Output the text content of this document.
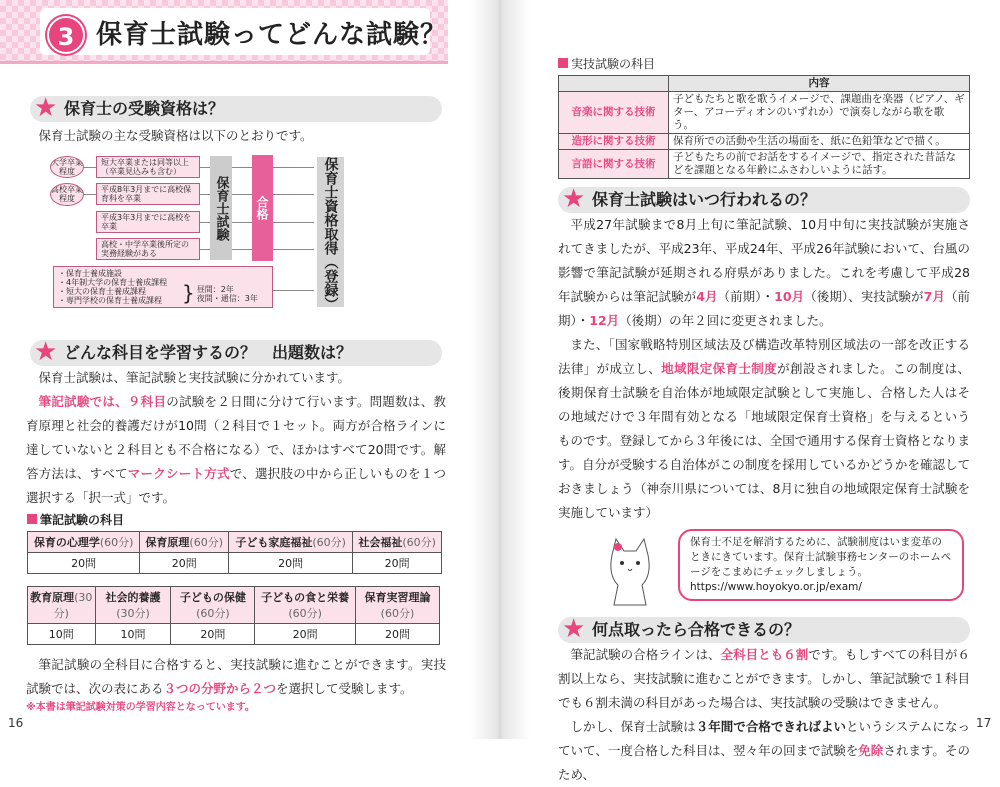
3 保育士試験ってどんな試験？
★ 保育士の受験資格は？
保育士試験の主な受験資格は以下のとおりです。
大学卒業程度
高校卒業程度
短大卒業または同等以上（卒業見込みも含む）
平成8年3月までに高校保育科を卒業
平成3年3月までに高校を卒業
高校・中学卒業後所定の実務経験がある
保育士試験 合格	保育士資格取得（登録）
・保育士養成施設
・4年制大学の保育士養成課程
・短大の保育士養成課程
・専門学校の保育士養成課程	} 昼間：2年
夜間・通信：3年
★ どんな科目を学習するの？　出題数は？
保育士試験は、筆記試験と実技試験に分かれています。
筆記試験では、９科目の試験を２日間に分けて行います。問題数は、教育原理と社会的養護だけが10問（２科目で１セット。両方が合格ラインに達していないと２科目とも不合格になる）で、ほかはすべて20問です。解答方法は、すべてマークシート方式で、選択肢の中から正しいものを１つ選択する「択一式」です。
筆記試験の科目
保育の心理学(60分)	保育原理(60分)	子ども家庭福祉(60分)	社会福祉(60分)
20問	20問	20問	20問
教育原理(30分)	社会的養護(30分)	子どもの保健(60分)	子どもの食と栄養(60分)	保育実習理論(60分)
10問	10問	20問	20問	20問
筆記試験の全科目に合格すると、実技試験に進むことができます。実技試験では、次の表にある３つの分野から２つを選択して受験します。
※本書は筆記試験対策の学習内容となっています。
16
実技試験の科目
	内容
音楽に関する技術	子どもたちと歌を歌うイメージで、課題曲を楽器（ピアノ、ギター、アコーディオンのいずれか）で演奏しながら歌を歌う。
造形に関する技術	保育所での活動や生活の場面を、紙に色鉛筆などで描く。
言語に関する技術	子どもたちの前でお話をするイメージで、指定された昔話などを課題となる年齢にふさわしいように話す。
★ 保育士試験はいつ行われるの？
平成27年試験まで8月上旬に筆記試験、10月中旬に実技試験が実施されてきましたが、平成23年、平成24年、平成26年試験において、台風の影響で筆記試験が延期される府県がありました。これを考慮して平成28年試験からは筆記試験が4月（前期）・10月（後期）、実技試験が7月（前期）・12月（後期）の年２回に変更されました。
また、「国家戦略特別区域法及び構造改革特別区域法の一部を改正する法律」が成立し、地域限定保育士制度が創設されました。この制度は、後期保育士試験を自治体が地域限定試験として実施し、合格した人はその地域だけで３年間有効となる「地域限定保育士資格」を与えるというものです。登録してから３年後には、全国で通用する保育士資格となります。自分が受験する自治体がこの制度を採用しているかどうかを確認しておきましょう（神奈川県については、8月に独自の地域限定保育士試験を実施しています）
保育士不足を解消するために、試験制度はいま変革のときにきています。保育士試験事務センターのホームページをこまめにチェックしましょう。
https://www.hoyokyo.or.jp/exam/
★ 何点取ったら合格できるの？
筆記試験の合格ラインは、全科目とも６割です。もしすべての科目が６割以上なら、実技試験に進むことができます。しかし、筆記試験で１科目でも６割未満の科目があった場合は、実技試験の受験はできません。
しかし、保育士試験は３年間で合格できればよいというシステムになっていて、一度合格した科目は、翌々年の回まで試験を免除されます。そのため、
17
